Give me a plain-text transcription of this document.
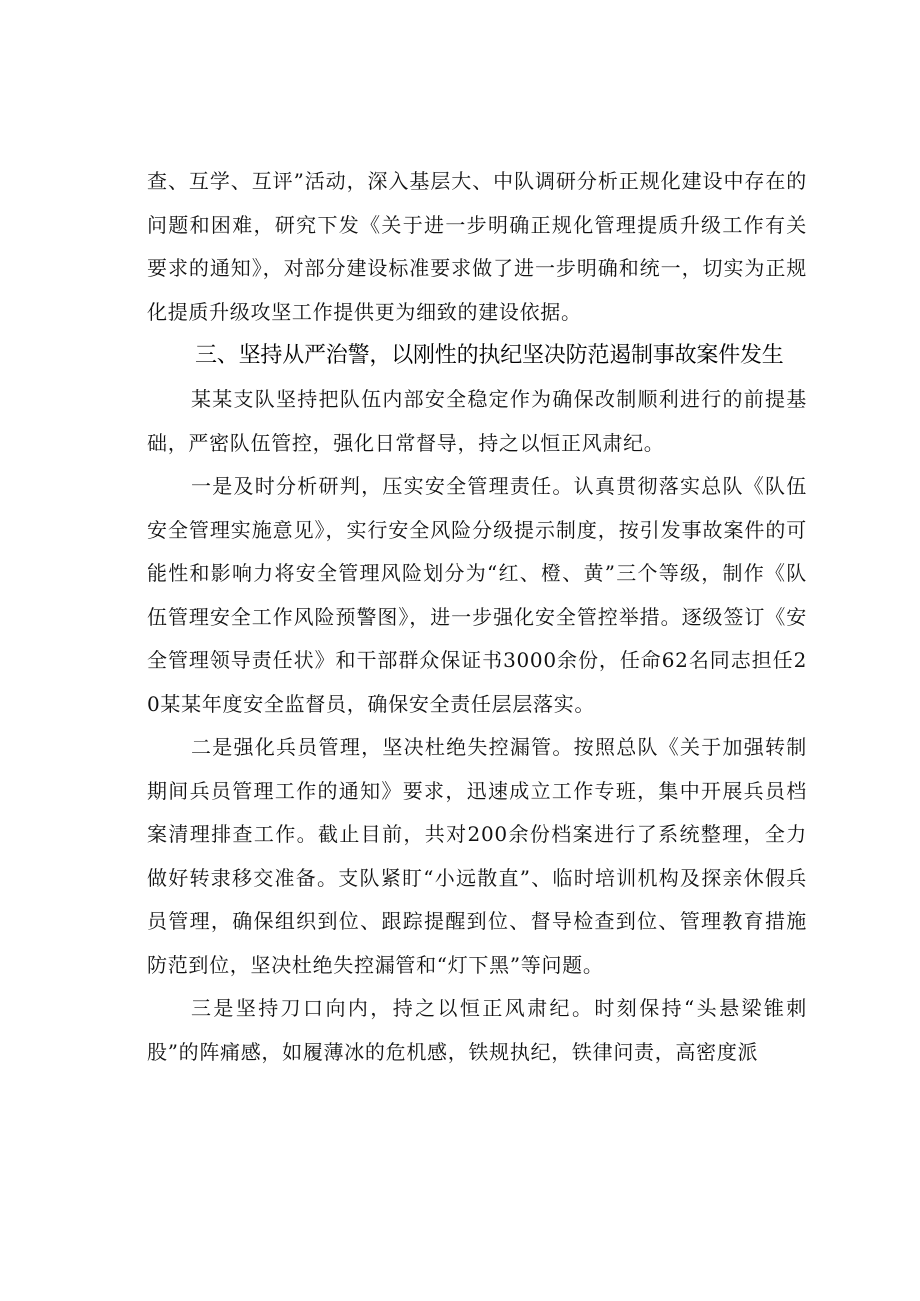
查、互学、互评”活动，深入基层大、中队调研分析正规化建设中存在的问题和困难，研究下发《关于进一步明确正规化管理提质升级工作有关要求的通知》，对部分建设标准要求做了进一步明确和统一，切实为正规化提质升级攻坚工作提供更为细致的建设依据。

三、坚持从严治警，以刚性的执纪坚决防范遏制事故案件发生

某某支队坚持把队伍内部安全稳定作为确保改制顺利进行的前提基础，严密队伍管控，强化日常督导，持之以恒正风肃纪。

一是及时分析研判，压实安全管理责任。认真贯彻落实总队《队伍安全管理实施意见》，实行安全风险分级提示制度，按引发事故案件的可能性和影响力将安全管理风险划分为“红、橙、黄”三个等级，制作《队伍管理安全工作风险预警图》，进一步强化安全管控举措。逐级签订《安全管理领导责任状》和干部群众保证书3000余份，任命62名同志担任20某某年度安全监督员，确保安全责任层层落实。

二是强化兵员管理，坚决杜绝失控漏管。按照总队《关于加强转制期间兵员管理工作的通知》要求，迅速成立工作专班，集中开展兵员档案清理排查工作。截止目前，共对200余份档案进行了系统整理，全力做好转隶移交准备。支队紧盯“小远散直”、临时培训机构及探亲休假兵员管理，确保组织到位、跟踪提醒到位、督导检查到位、管理教育措施防范到位，坚决杜绝失控漏管和“灯下黑”等问题。

三是坚持刀口向内，持之以恒正风肃纪。时刻保持“头悬梁锥刺股”的阵痛感，如履薄冰的危机感，铁规执纪，铁律问责，高密度派
